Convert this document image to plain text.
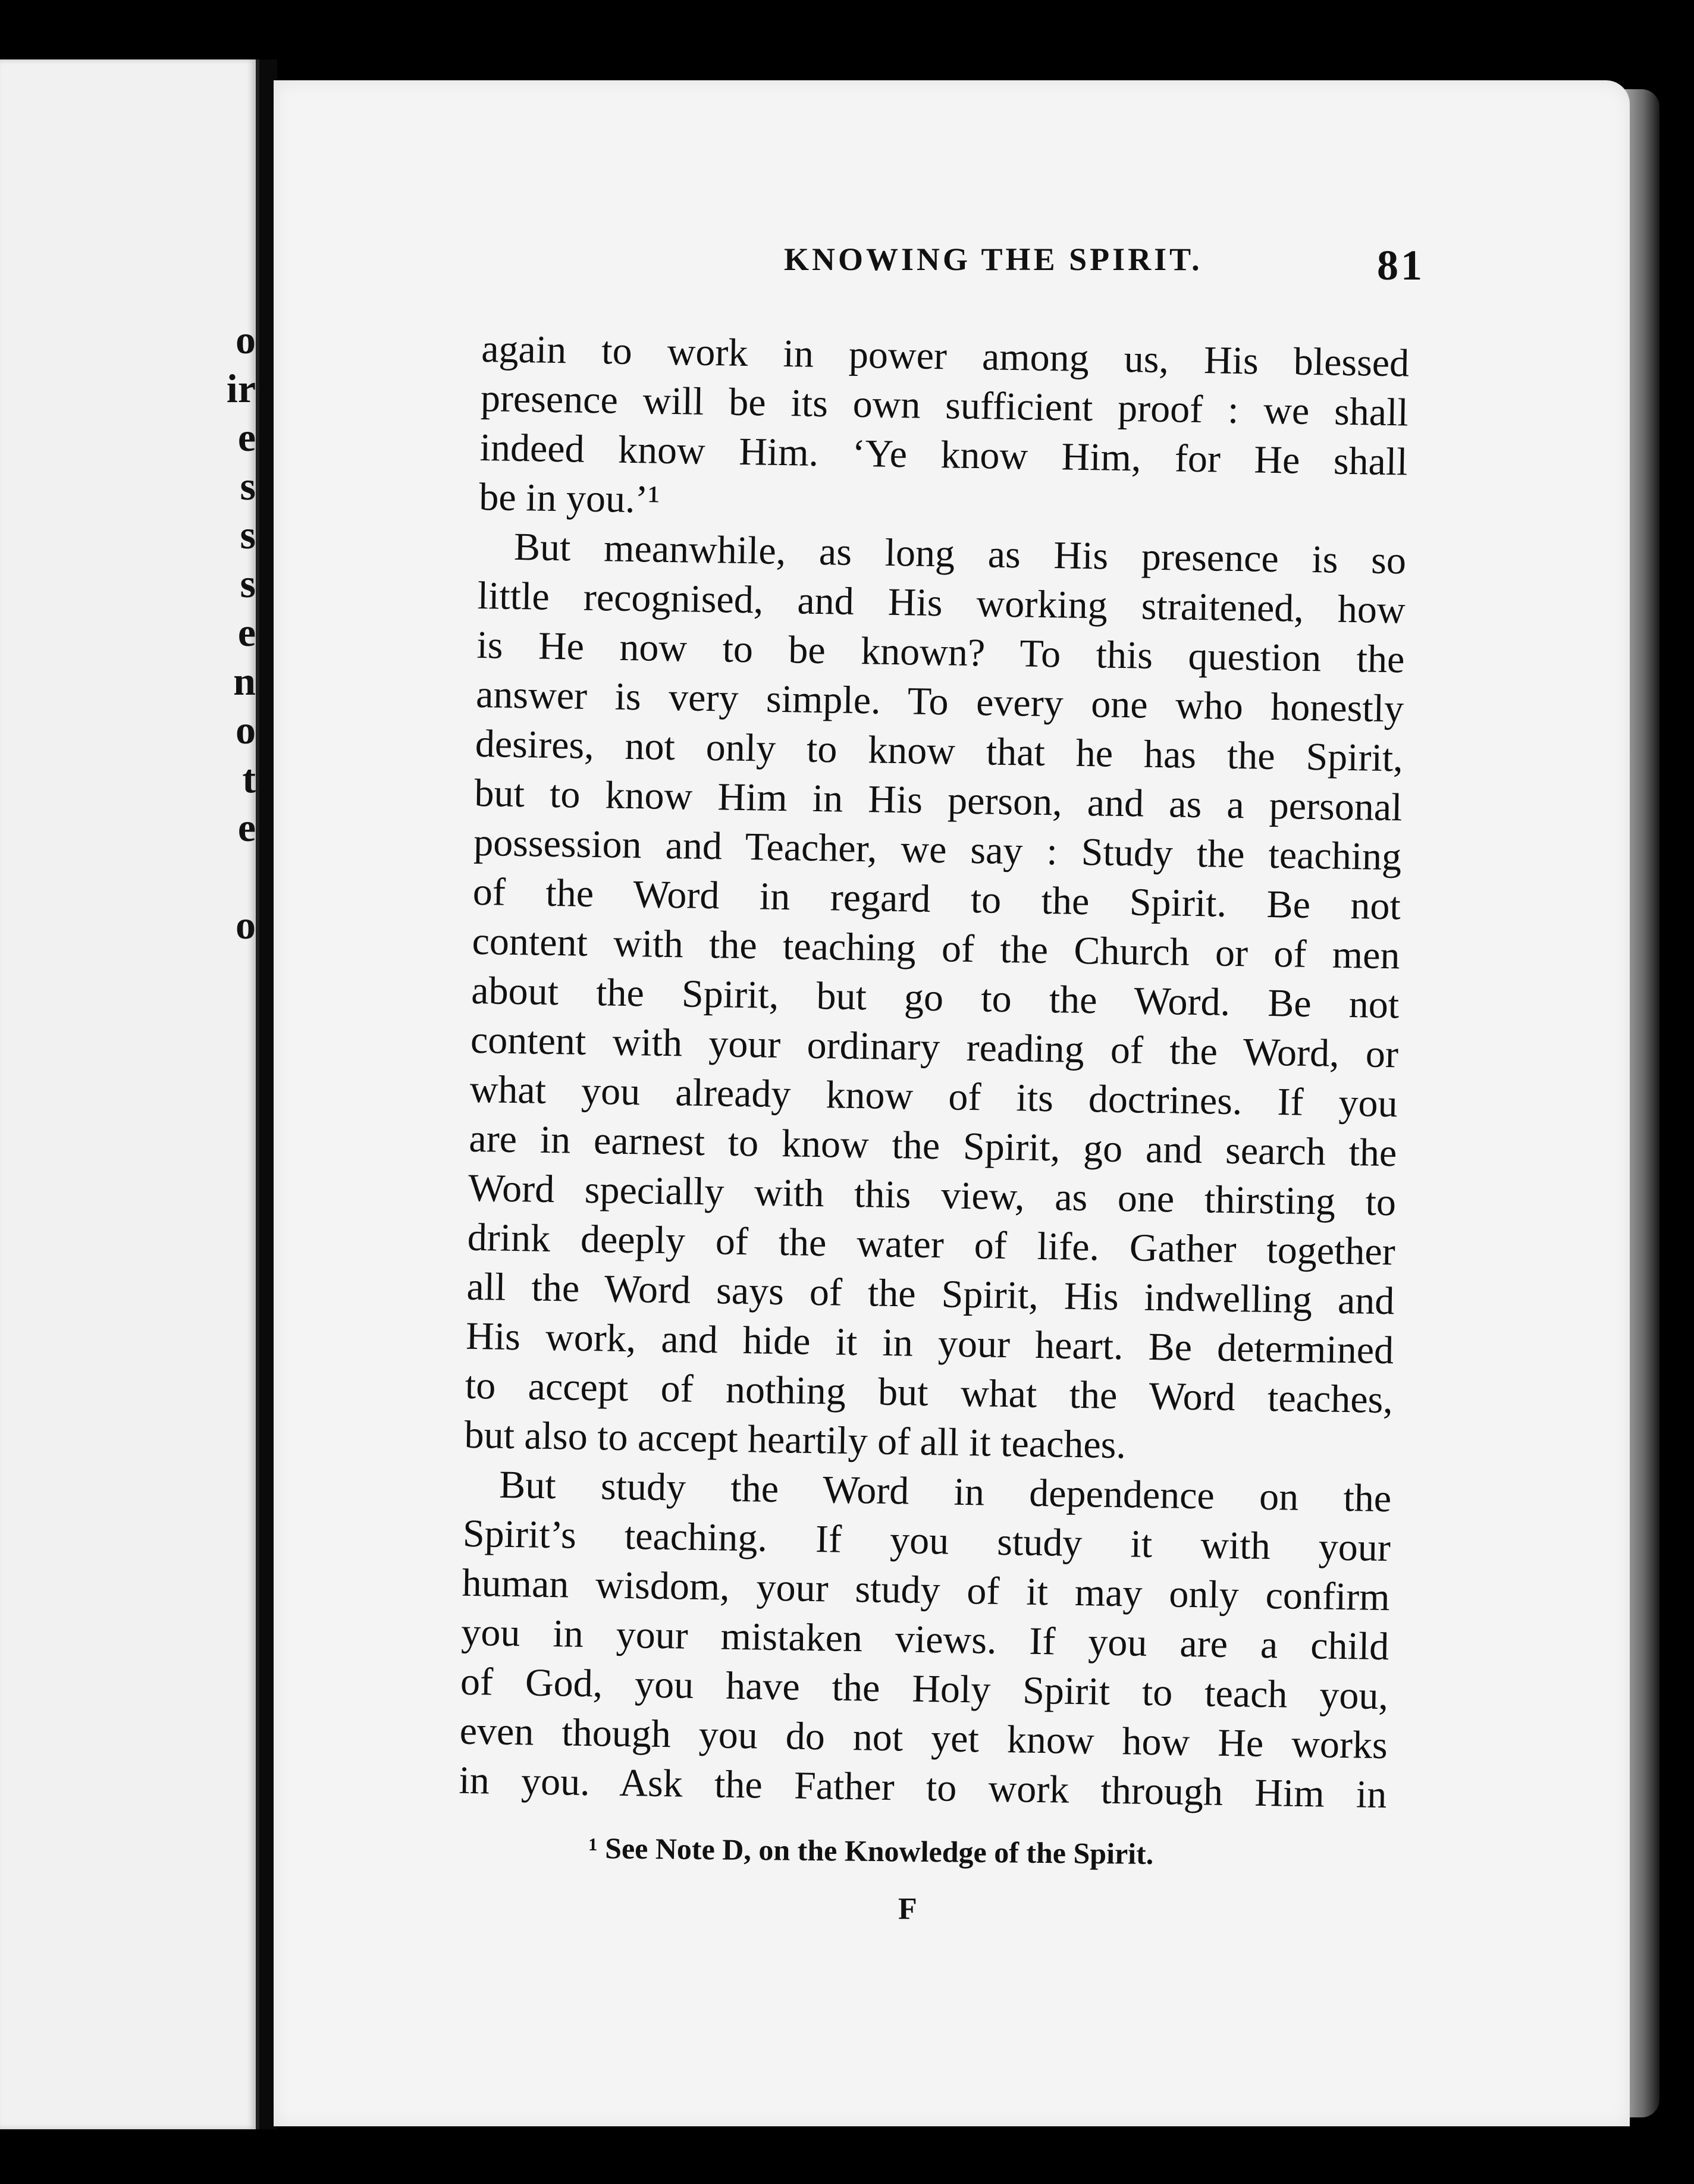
o
ir
e
s
s
s
e
n
o
t
e
o
KNOWING THE SPIRIT.	81
again to work in power among us, His blessed
presence will be its own sufficient proof : we shall
indeed know Him. ‘Ye know Him, for He shall
be in you.’¹
But meanwhile, as long as His presence is so
little recognised, and His working straitened, how
is He now to be known? To this question the
answer is very simple. To every one who honestly
desires, not only to know that he has the Spirit,
but to know Him in His person, and as a personal
possession and Teacher, we say : Study the teaching
of the Word in regard to the Spirit. Be not
content with the teaching of the Church or of men
about the Spirit, but go to the Word. Be not
content with your ordinary reading of the Word, or
what you already know of its doctrines. If you
are in earnest to know the Spirit, go and search the
Word specially with this view, as one thirsting to
drink deeply of the water of life. Gather together
all the Word says of the Spirit, His indwelling and
His work, and hide it in your heart. Be determined
to accept of nothing but what the Word teaches,
but also to accept heartily of all it teaches.
But study the Word in dependence on the
Spirit’s teaching. If you study it with your
human wisdom, your study of it may only confirm
you in your mistaken views. If you are a child
of God, you have the Holy Spirit to teach you,
even though you do not yet know how He works
in you. Ask the Father to work through Him in
¹ See Note D, on the Knowledge of the Spirit.
F
